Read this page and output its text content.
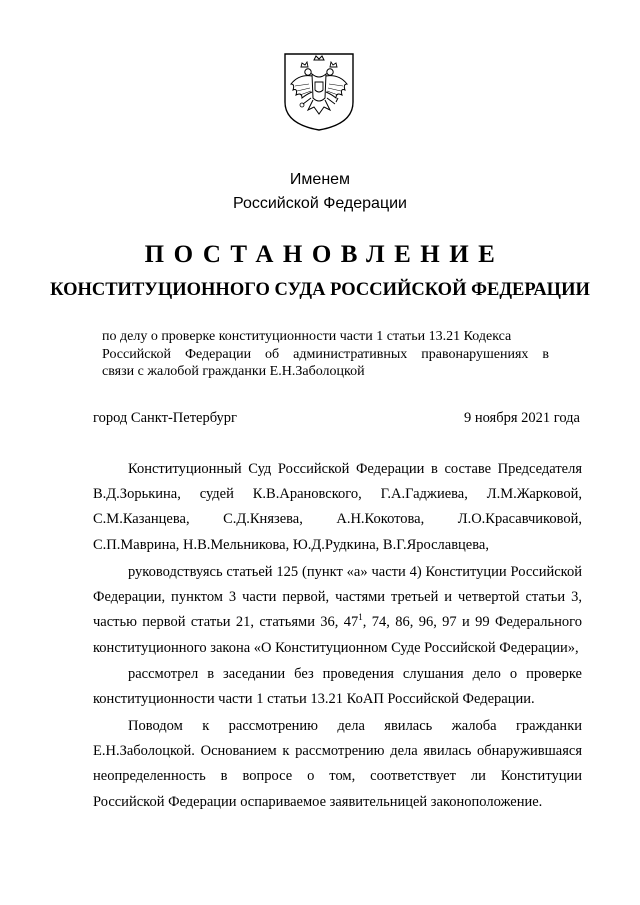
Именем
Российской Федерации
ПОСТАНОВЛЕНИЕ
КОНСТИТУЦИОННОГО СУДА РОССИЙСКОЙ ФЕДЕРАЦИИ
по делу о проверке конституционности части 1 статьи 13.21 Кодекса
Российской Федерации об административных правонарушениях в
связи с жалобой гражданки Е.Н.Заболоцкой
город Санкт-Петербург	9 ноября 2021 года
Конституционный Суд Российской Федерации в составе Председателя
В.Д.Зорькина, судей К.В.Арановского, Г.А.Гаджиева, Л.М.Жарковой,
С.М.Казанцева, С.Д.Князева, А.Н.Кокотова, Л.О.Красавчиковой,
С.П.Маврина, Н.В.Мельникова, Ю.Д.Рудкина, В.Г.Ярославцева,
руководствуясь статьей 125 (пункт «а» части 4) Конституции Российской
Федерации, пунктом 3 части первой, частями третьей и четвертой статьи 3,
частью первой статьи 21, статьями 36, $47^1$, 74, 86, 96, 97 и 99 Федерального
конституционного закона «О Конституционном Суде Российской Федерации»,
рассмотрел в заседании без проведения слушания дело о проверке
конституционности части 1 статьи 13.21 КоАП Российской Федерации.
Поводом к рассмотрению дела явилась жалоба гражданки
Е.Н.Заболоцкой. Основанием к рассмотрению дела явилась обнаружившаяся
неопределенность в вопросе о том, соответствует ли Конституции
Российской Федерации оспариваемое заявительницей законоположение.
